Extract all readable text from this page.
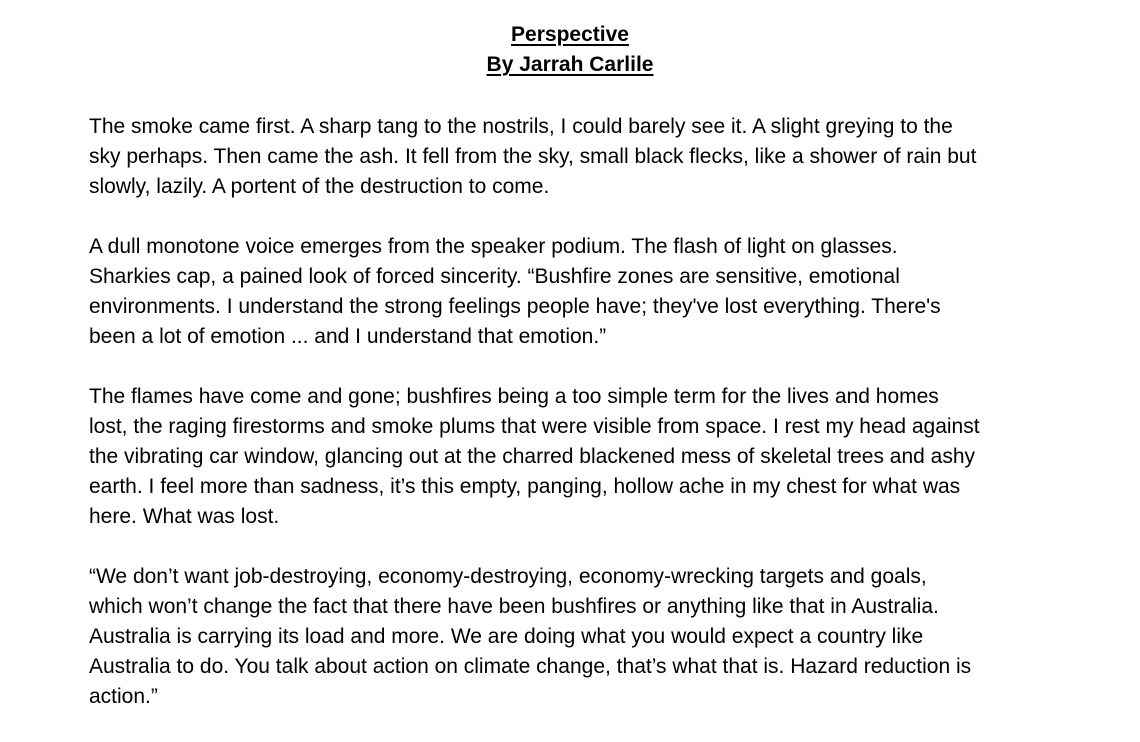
Perspective
By Jarrah Carlile
The smoke came first. A sharp tang to the nostrils, I could barely see it. A slight greying to the
sky perhaps. Then came the ash. It fell from the sky, small black flecks, like a shower of rain but
slowly, lazily. A portent of the destruction to come.
A dull monotone voice emerges from the speaker podium. The flash of light on glasses.
Sharkies cap, a pained look of forced sincerity. “Bushfire zones are sensitive, emotional
environments. I understand the strong feelings people have; they've lost everything. There's
been a lot of emotion ... and I understand that emotion.”
The flames have come and gone; bushfires being a too simple term for the lives and homes
lost, the raging firestorms and smoke plums that were visible from space. I rest my head against
the vibrating car window, glancing out at the charred blackened mess of skeletal trees and ashy
earth. I feel more than sadness, it’s this empty, panging, hollow ache in my chest for what was
here. What was lost.
“We don’t want job-destroying, economy-destroying, economy-wrecking targets and goals,
which won’t change the fact that there have been bushfires or anything like that in Australia.
Australia is carrying its load and more. We are doing what you would expect a country like
Australia to do. You talk about action on climate change, that’s what that is. Hazard reduction is
action.”
